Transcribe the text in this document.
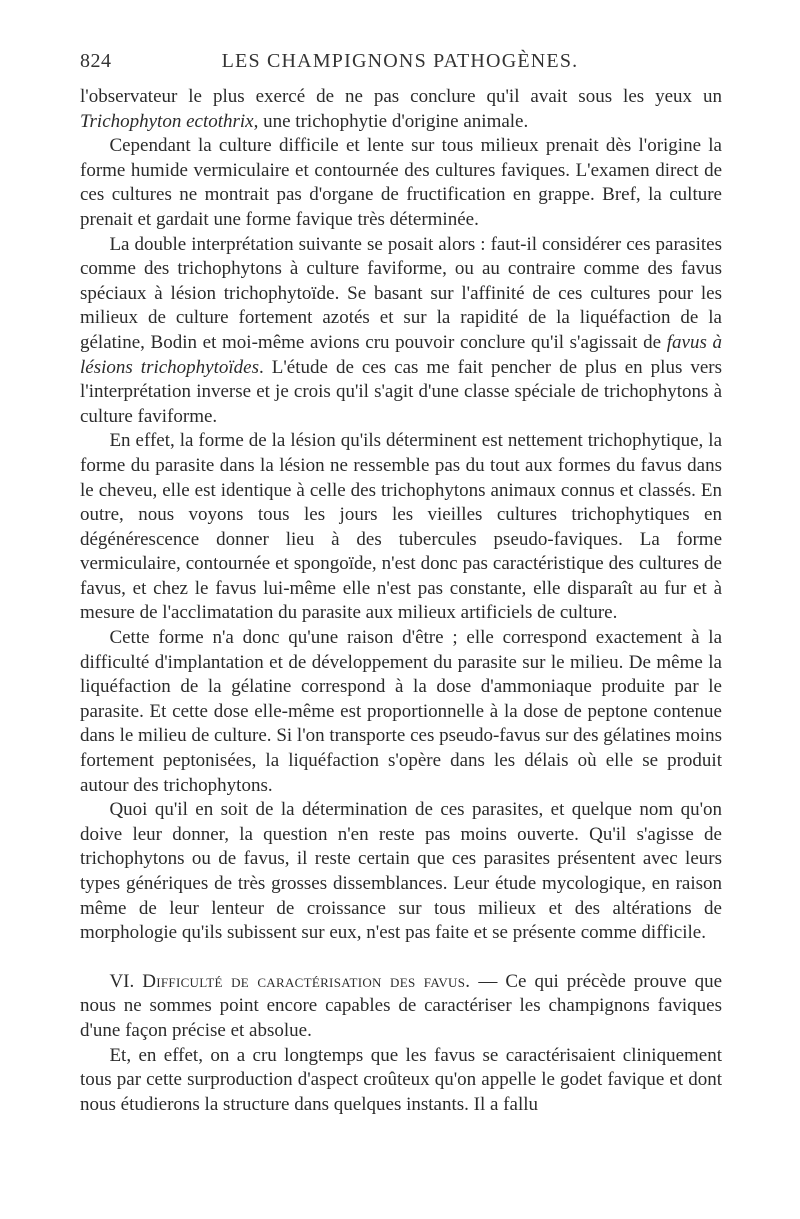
824	LES CHAMPIGNONS PATHOGÈNES.

l'observateur le plus exercé de ne pas conclure qu'il avait sous les yeux un Trichophyton ectothrix, une trichophytie d'origine animale.

Cependant la culture difficile et lente sur tous milieux prenait dès l'origine la forme humide vermiculaire et contournée des cultures faviques. L'examen direct de ces cultures ne montrait pas d'organe de fructification en grappe. Bref, la culture prenait et gardait une forme favique très déterminée.

La double interprétation suivante se posait alors : faut-il considérer ces parasites comme des trichophytons à culture faviforme, ou au contraire comme des favus spéciaux à lésion trichophytoïde. Se basant sur l'affinité de ces cultures pour les milieux de culture fortement azotés et sur la rapidité de la liquéfaction de la gélatine, Bodin et moi-même avions cru pouvoir conclure qu'il s'agissait de favus à lésions trichophytoïdes. L'étude de ces cas me fait pencher de plus en plus vers l'interprétation inverse et je crois qu'il s'agit d'une classe spéciale de trichophytons à culture faviforme.

En effet, la forme de la lésion qu'ils déterminent est nettement trichophytique, la forme du parasite dans la lésion ne ressemble pas du tout aux formes du favus dans le cheveu, elle est identique à celle des trichophytons animaux connus et classés. En outre, nous voyons tous les jours les vieilles cultures trichophytiques en dégénérescence donner lieu à des tubercules pseudo-faviques. La forme vermiculaire, contournée et spongoïde, n'est donc pas caractéristique des cultures de favus, et chez le favus lui-même elle n'est pas constante, elle disparaît au fur et à mesure de l'acclimatation du parasite aux milieux artificiels de culture.

Cette forme n'a donc qu'une raison d'être ; elle correspond exactement à la difficulté d'implantation et de développement du parasite sur le milieu. De même la liquéfaction de la gélatine correspond à la dose d'ammoniaque produite par le parasite. Et cette dose elle-même est proportionnelle à la dose de peptone contenue dans le milieu de culture. Si l'on transporte ces pseudo-favus sur des gélatines moins fortement peptonisées, la liquéfaction s'opère dans les délais où elle se produit autour des trichophytons.

Quoi qu'il en soit de la détermination de ces parasites, et quelque nom qu'on doive leur donner, la question n'en reste pas moins ouverte. Qu'il s'agisse de trichophytons ou de favus, il reste certain que ces parasites présentent avec leurs types génériques de très grosses dissemblances. Leur étude mycologique, en raison même de leur lenteur de croissance sur tous milieux et des altérations de morphologie qu'ils subissent sur eux, n'est pas faite et se présente comme difficile.

VI. Difficulté de caractérisation des favus. — Ce qui précède prouve que nous ne sommes point encore capables de caractériser les champignons faviques d'une façon précise et absolue.

Et, en effet, on a cru longtemps que les favus se caractérisaient cliniquement tous par cette surproduction d'aspect croûteux qu'on appelle le godet favique et dont nous étudierons la structure dans quelques instants. Il a fallu
